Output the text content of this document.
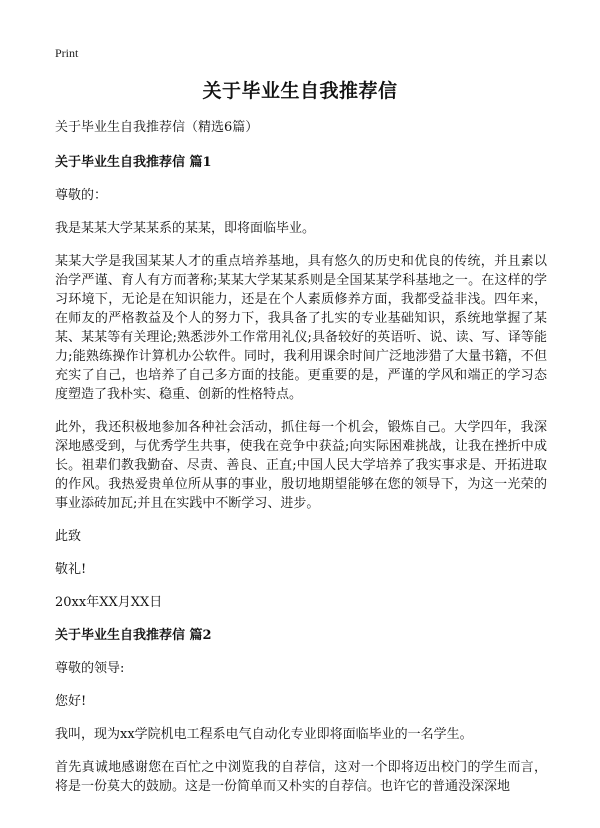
Print
关于毕业生自我推荐信

关于毕业生自我推荐信（精选6篇）

关于毕业生自我推荐信 篇1

尊敬的：

我是某某大学某某系的某某，即将面临毕业。

某某大学是我国某某人才的重点培养基地，具有悠久的历史和优良的传统，并且素以治学严谨、育人有方而著称;某某大学某某系则是全国某某学科基地之一。在这样的学习环境下，无论是在知识能力，还是在个人素质修养方面，我都受益非浅。四年来，在师友的严格教益及个人的努力下，我具备了扎实的专业基础知识，系统地掌握了某某、某某等有关理论;熟悉涉外工作常用礼仪;具备较好的英语听、说、读、写、译等能力;能熟练操作计算机办公软件。同时，我利用课余时间广泛地涉猎了大量书籍，不但充实了自己，也培养了自己多方面的技能。更重要的是，严谨的学风和端正的学习态度塑造了我朴实、稳重、创新的性格特点。

此外，我还积极地参加各种社会活动，抓住每一个机会，锻炼自己。大学四年，我深深地感受到，与优秀学生共事，使我在竞争中获益;向实际困难挑战，让我在挫折中成长。祖辈们教我勤奋、尽责、善良、正直;中国人民大学培养了我实事求是、开拓进取的作风。我热爱贵单位所从事的事业，殷切地期望能够在您的领导下，为这一光荣的事业添砖加瓦;并且在实践中不断学习、进步。

此致

敬礼!

20xx年XX月XX日

关于毕业生自我推荐信 篇2

尊敬的领导:

您好!

我叫，现为xx学院机电工程系电气自动化专业即将面临毕业的一名学生。

首先真诚地感谢您在百忙之中浏览我的自荐信，这对一个即将迈出校门的学生而言，将是一份莫大的鼓励。这是一份简单而又朴实的自荐信。也许它的普通没深深地
